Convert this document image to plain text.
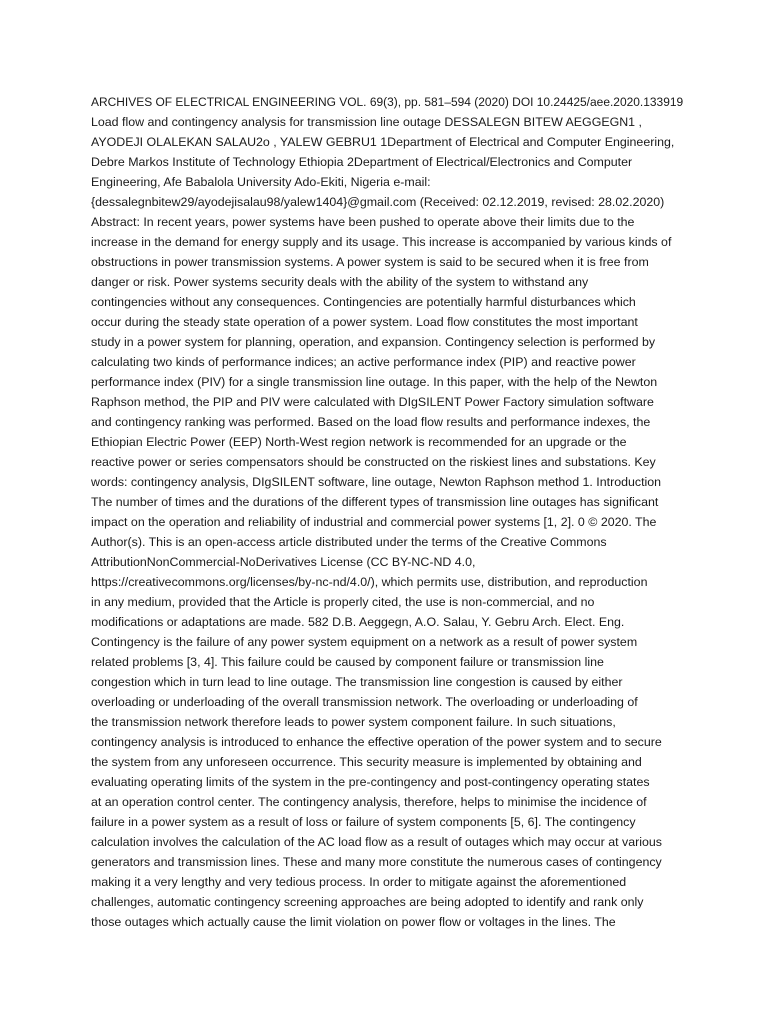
ARCHIVES OF ELECTRICAL ENGINEERING VOL. 69(3), pp. 581–594 (2020) DOI 10.24425/aee.2020.133919
Load flow and contingency analysis for transmission line outage DESSALEGN BITEW AEGGEGN1 ,
AYODEJI OLALEKAN SALAU2o , YALEW GEBRU1 1Department of Electrical and Computer Engineering,
Debre Markos Institute of Technology Ethiopia 2Department of Electrical/Electronics and Computer
Engineering, Afe Babalola University Ado-Ekiti, Nigeria e-mail:
{dessalegnbitew29/ayodejisalau98/yalew1404}@gmail.com (Received: 02.12.2019, revised: 28.02.2020)
Abstract: In recent years, power systems have been pushed to operate above their limits due to the
increase in the demand for energy supply and its usage. This increase is accompanied by various kinds of
obstructions in power transmission systems. A power system is said to be secured when it is free from
danger or risk. Power systems security deals with the ability of the system to withstand any
contingencies without any consequences. Contingencies are potentially harmful disturbances which
occur during the steady state operation of a power system. Load flow constitutes the most important
study in a power system for planning, operation, and expansion. Contingency selection is performed by
calculating two kinds of performance indices; an active performance index (PIP) and reactive power
performance index (PIV) for a single transmission line outage. In this paper, with the help of the Newton
Raphson method, the PIP and PIV were calculated with DIgSILENT Power Factory simulation software
and contingency ranking was performed. Based on the load flow results and performance indexes, the
Ethiopian Electric Power (EEP) North-West region network is recommended for an upgrade or the
reactive power or series compensators should be constructed on the riskiest lines and substations. Key
words: contingency analysis, DIgSILENT software, line outage, Newton Raphson method 1. Introduction
The number of times and the durations of the different types of transmission line outages has significant
impact on the operation and reliability of industrial and commercial power systems [1, 2]. 0 © 2020. The
Author(s). This is an open-access article distributed under the terms of the Creative Commons
AttributionNonCommercial-NoDerivatives License (CC BY-NC-ND 4.0,
https://creativecommons.org/licenses/by-nc-nd/4.0/), which permits use, distribution, and reproduction
in any medium, provided that the Article is properly cited, the use is non-commercial, and no
modifications or adaptations are made. 582 D.B. Aeggegn, A.O. Salau, Y. Gebru Arch. Elect. Eng.
Contingency is the failure of any power system equipment on a network as a result of power system
related problems [3, 4]. This failure could be caused by component failure or transmission line
congestion which in turn lead to line outage. The transmission line congestion is caused by either
overloading or underloading of the overall transmission network. The overloading or underloading of
the transmission network therefore leads to power system component failure. In such situations,
contingency analysis is introduced to enhance the effective operation of the power system and to secure
the system from any unforeseen occurrence. This security measure is implemented by obtaining and
evaluating operating limits of the system in the pre-contingency and post-contingency operating states
at an operation control center. The contingency analysis, therefore, helps to minimise the incidence of
failure in a power system as a result of loss or failure of system components [5, 6]. The contingency
calculation involves the calculation of the AC load flow as a result of outages which may occur at various
generators and transmission lines. These and many more constitute the numerous cases of contingency
making it a very lengthy and very tedious process. In order to mitigate against the aforementioned
challenges, automatic contingency screening approaches are being adopted to identify and rank only
those outages which actually cause the limit violation on power flow or voltages in the lines. The
